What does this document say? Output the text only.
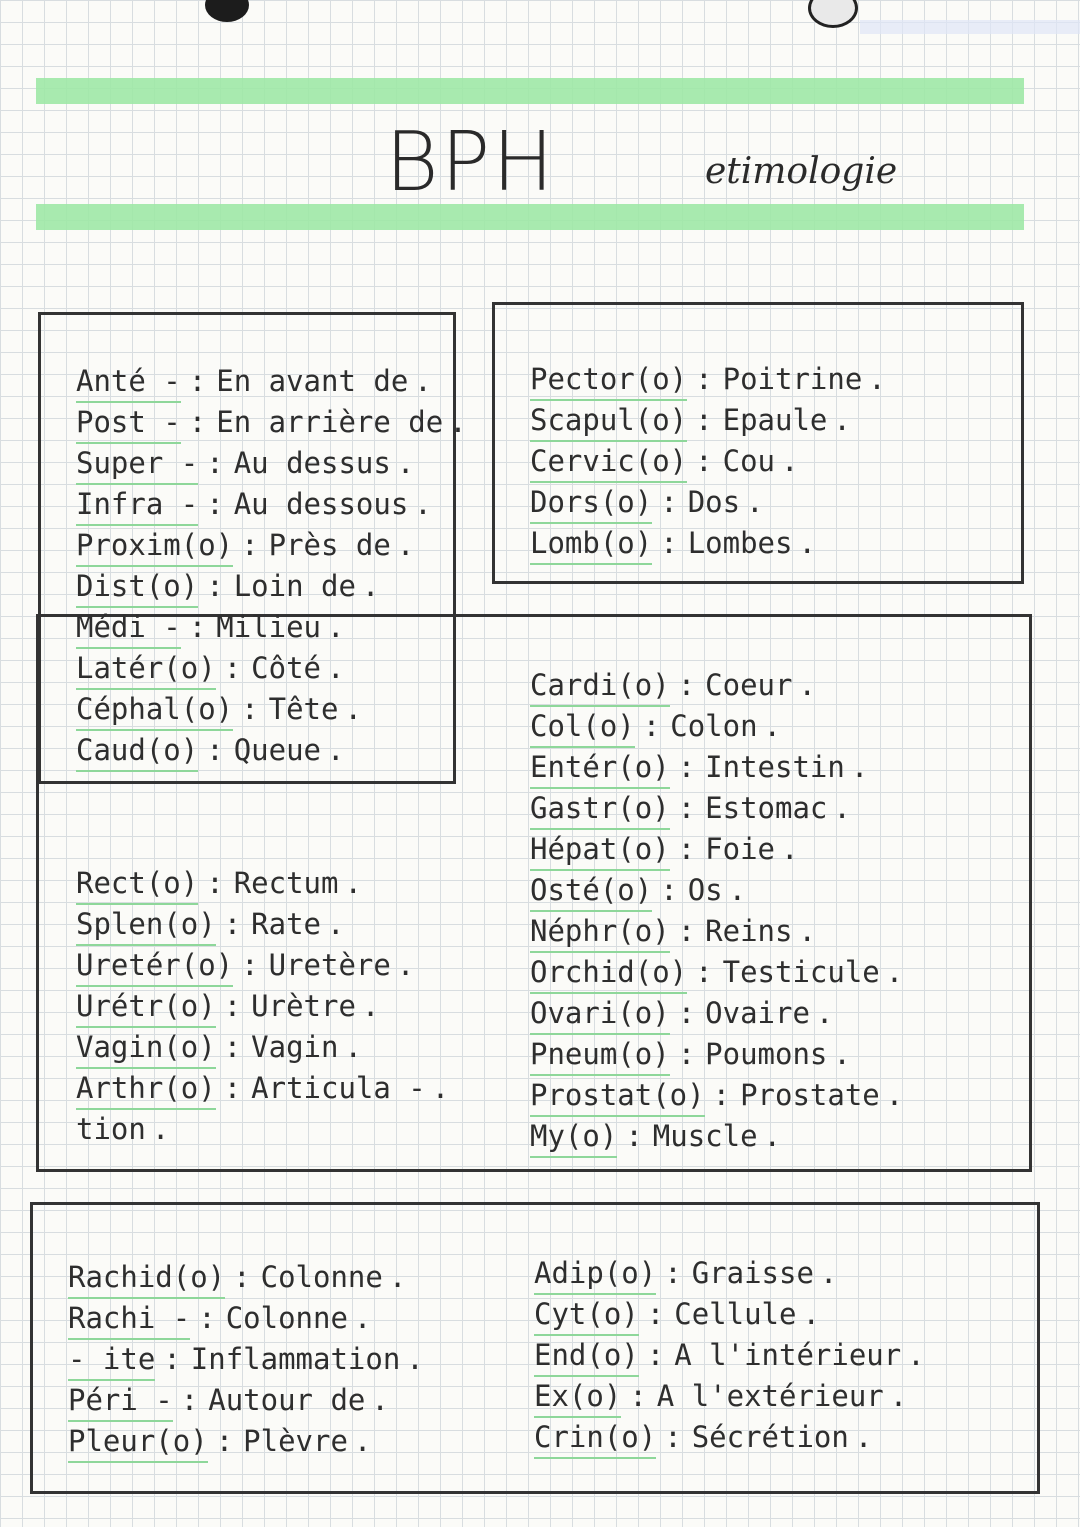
BPH	etimologie

Anté - : En avant de .
Post - : En arrière de .
Super - : Au dessus .
Infra - : Au dessous .
Proxim(o) : Près de .
Dist(o) : Loin de .
Médi - : Milieu .
Latér(o) : Côté .
Céphal(o) : Tête .
Caud(o) : Queue .
Pector(o) : Poitrine .
Scapul(o) : Epaule .
Cervic(o) : Cou .
Dors(o) : Dos .
Lomb(o) : Lombes .
Cardi(o) : Coeur .
Col(o) : Colon .
Entér(o) : Intestin .
Gastr(o) : Estomac .
Hépat(o) : Foie .
Osté(o) : Os .
Néphr(o) : Reins .
Orchid(o) : Testicule .
Ovari(o) : Ovaire .
Pneum(o) : Poumons .
Prostat(o) : Prostate .
My(o) : Muscle .
Rect(o) : Rectum .
Splen(o) : Rate .
Uretér(o) : Uretère .
Urétr(o) : Urètre .
Vagin(o) : Vagin .
Arthr(o) : Articula - .
tion .
Rachid(o) : Colonne .
Rachi - : Colonne .
- ite : Inflammation .
Péri - : Autour de .
Pleur(o) : Plèvre .
Adip(o) : Graisse .
Cyt(o) : Cellule .
End(o) : A l'intérieur .
Ex(o) : A l'extérieur .
Crin(o) : Sécrétion .
